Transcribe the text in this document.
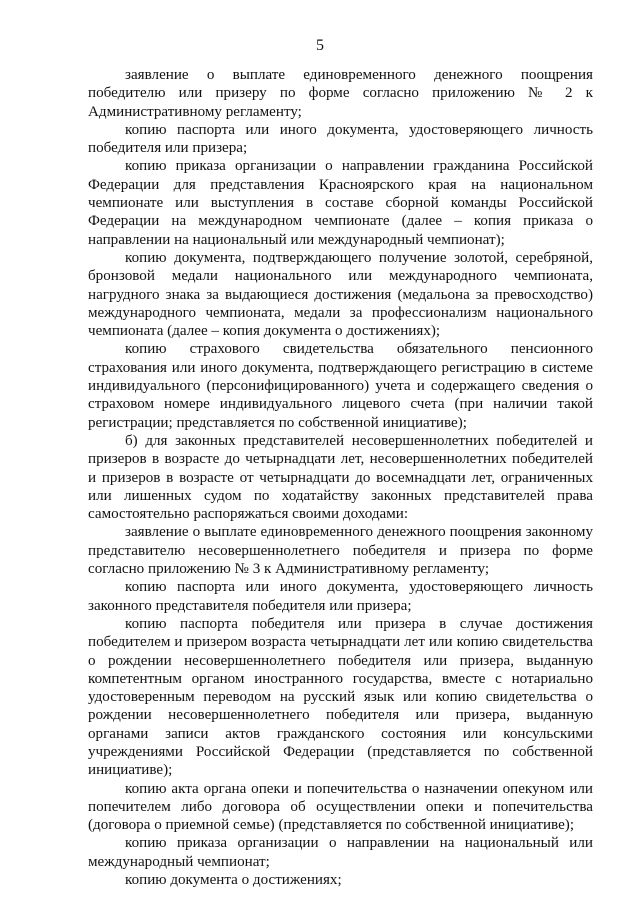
5

заявление о выплате единовременного денежного поощрения победителю или призеру по форме согласно приложению № 2 к Административному регламенту;

копию паспорта или иного документа, удостоверяющего личность победителя или призера;

копию приказа организации о направлении гражданина Российской Федерации для представления Красноярского края на национальном чемпионате или выступления в составе сборной команды Российской Федерации на международном чемпионате (далее – копия приказа о направлении на национальный или международный чемпионат);

копию документа, подтверждающего получение золотой, серебряной, бронзовой медали национального или международного чемпионата, нагрудного знака за выдающиеся достижения (медальона за превосходство) международного чемпионата, медали за профессионализм национального чемпионата (далее – копия документа о достижениях);

копию страхового свидетельства обязательного пенсионного страхования или иного документа, подтверждающего регистрацию в системе индивидуального (персонифицированного) учета и содержащего сведения о страховом номере индивидуального лицевого счета (при наличии такой регистрации; представляется по собственной инициативе);

б) для законных представителей несовершеннолетних победителей и призеров в возрасте до четырнадцати лет, несовершеннолетних победителей и призеров в возрасте от четырнадцати до восемнадцати лет, ограниченных или лишенных судом по ходатайству законных представителей права самостоятельно распоряжаться своими доходами:

заявление о выплате единовременного денежного поощрения законному представителю несовершеннолетнего победителя и призера по форме согласно приложению № 3 к Административному регламенту;

копию паспорта или иного документа, удостоверяющего личность законного представителя победителя или призера;

копию паспорта победителя или призера в случае достижения победителем и призером возраста четырнадцати лет или копию свидетельства о рождении несовершеннолетнего победителя или призера, выданную компетентным органом иностранного государства, вместе с нотариально удостоверенным переводом на русский язык или копию свидетельства о рождении несовершеннолетнего победителя или призера, выданную органами записи актов гражданского состояния или консульскими учреждениями Российской Федерации (представляется по собственной инициативе);

копию акта органа опеки и попечительства о назначении опекуном или попечителем либо договора об осуществлении опеки и попечительства (договора о приемной семье) (представляется по собственной инициативе);

копию приказа организации о направлении на национальный или международный чемпионат;

копию документа о достижениях;
